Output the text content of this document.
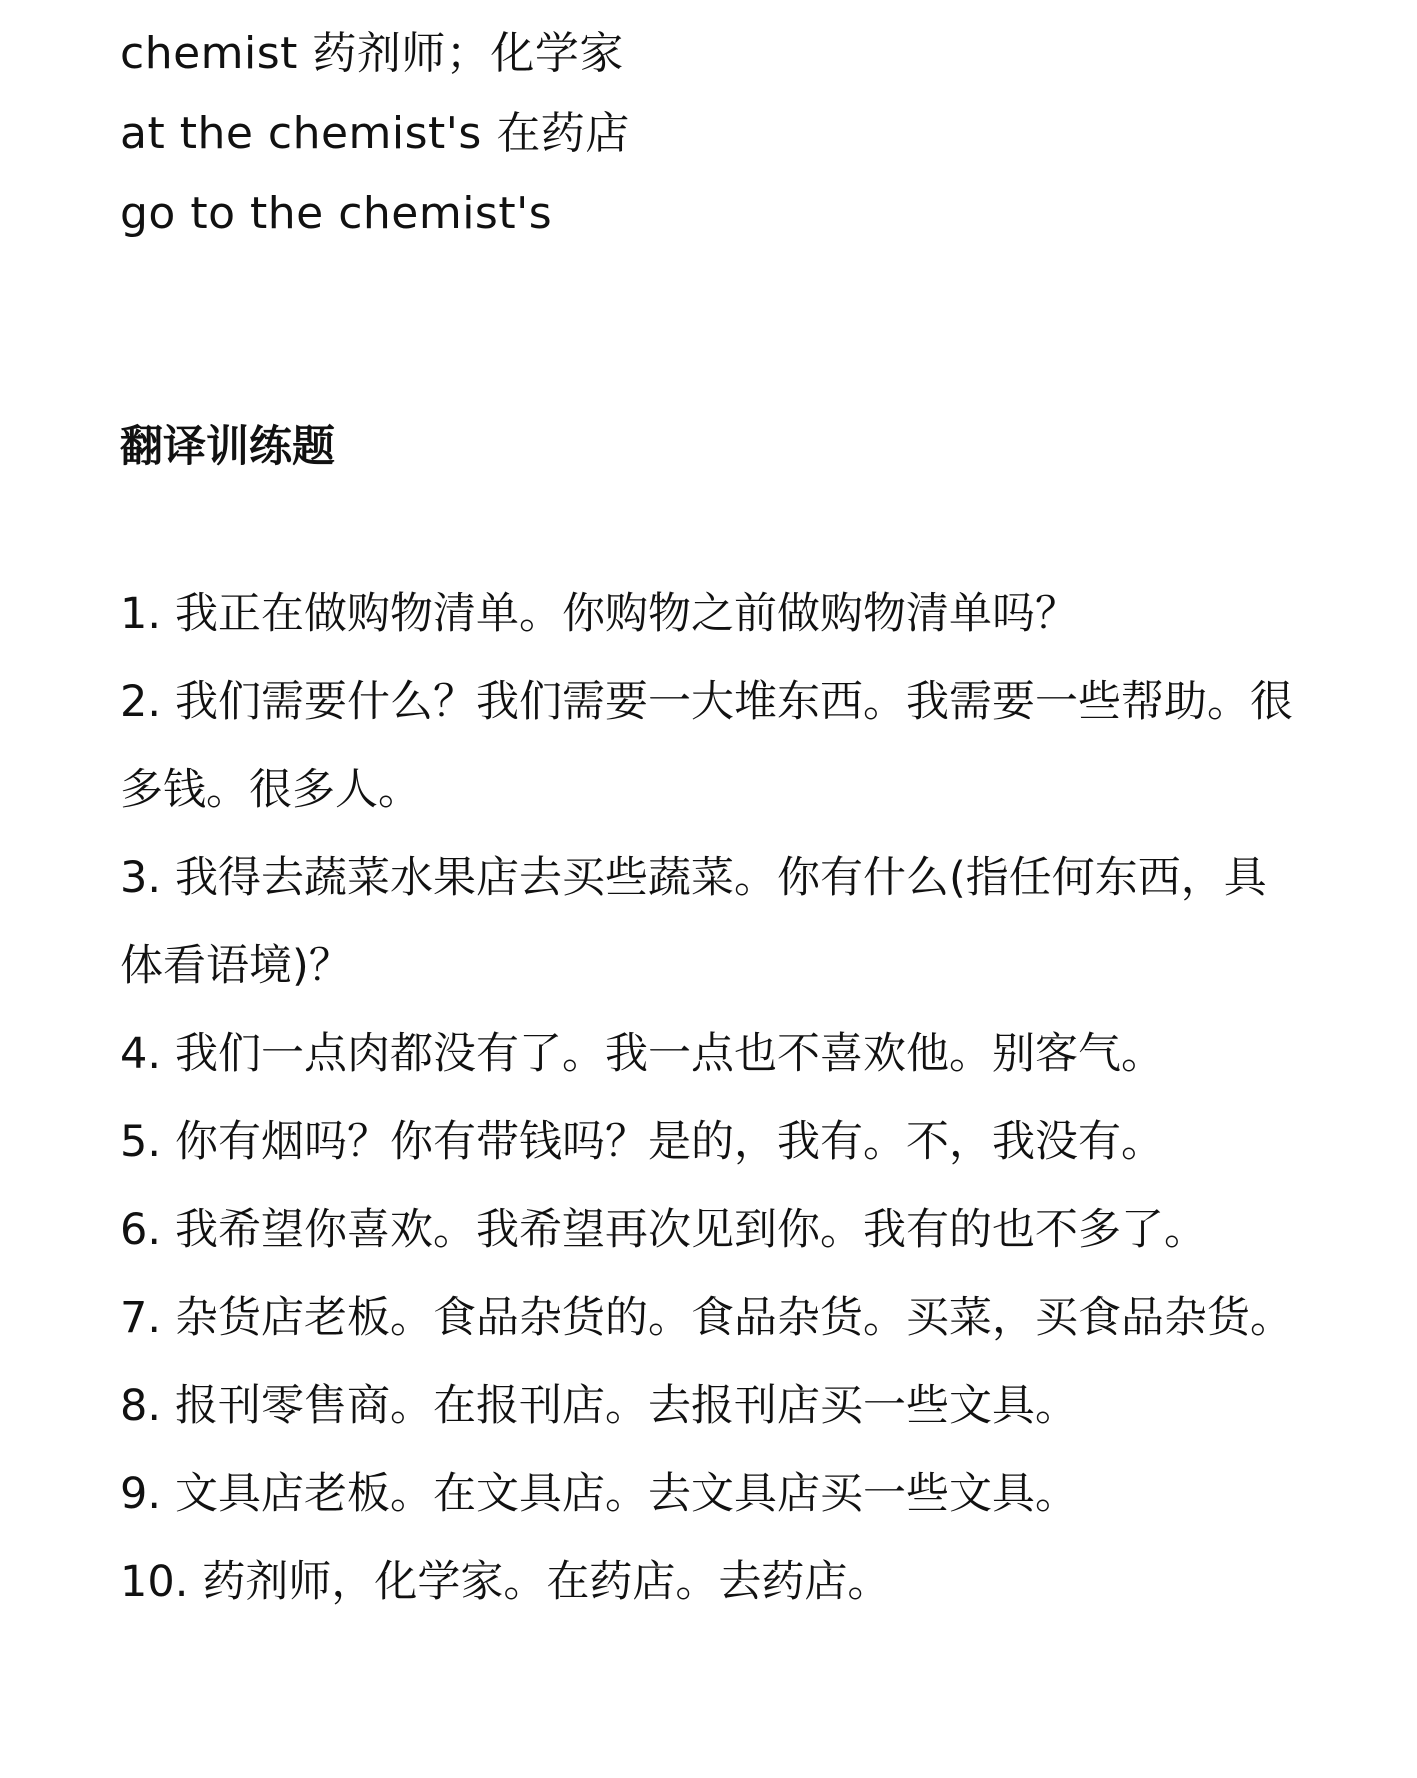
chemist 药剂师；化学家
at the chemist's 在药店
go to the chemist's
翻译训练题
1. 我正在做购物清单。你购物之前做购物清单吗？
2. 我们需要什么？我们需要一大堆东西。我需要一些帮助。很
多钱。很多人。
3. 我得去蔬菜水果店去买些蔬菜。你有什么(指任何东西，具
体看语境)？
4. 我们一点肉都没有了。我一点也不喜欢他。别客气。
5. 你有烟吗？你有带钱吗？是的，我有。不，我没有。
6. 我希望你喜欢。我希望再次见到你。我有的也不多了。
7. 杂货店老板。食品杂货的。食品杂货。买菜，买食品杂货。
8. 报刊零售商。在报刊店。去报刊店买一些文具。
9. 文具店老板。在文具店。去文具店买一些文具。
10. 药剂师，化学家。在药店。去药店。
